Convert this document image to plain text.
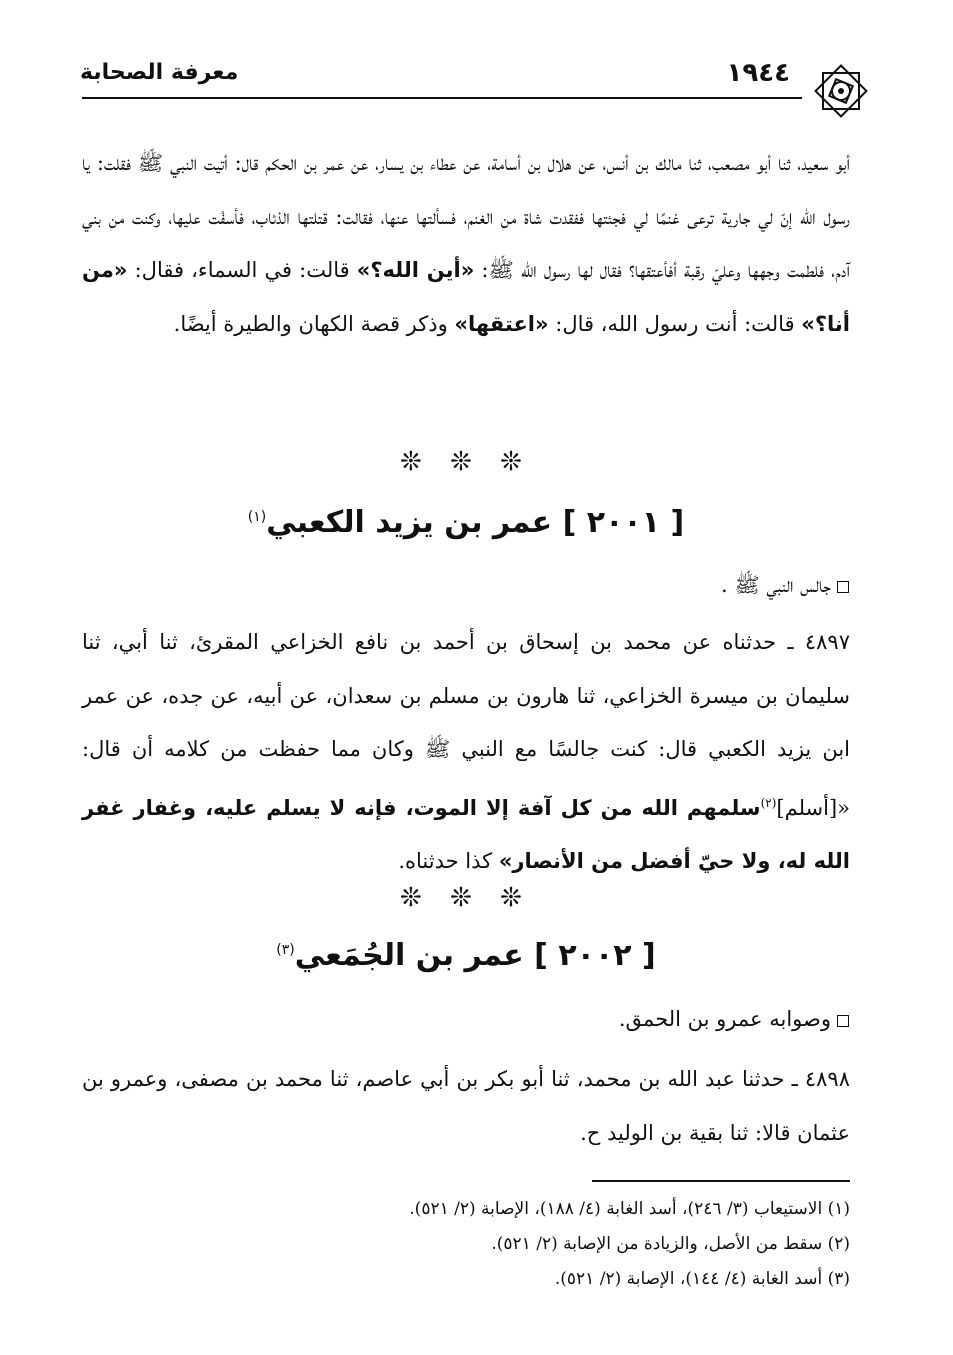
١٩٤٤
معرفة الصحابة
أبو سعيد، ثنا أبو مصعب، ثنا مالك بن أنس، عن هلال بن أسامة، عن عطاء بن يسار، عن عمر بن الحكم قال: أتيت النبي ﷺ فقلت: يا رسول الله إنّ لي جارية ترعى غنمًا لي فجئتها ففقدت شاة من الغنم، فسألتها عنها، فقالت: قتلتها الذئاب، فأسفْت عليها، وكنت من بني آدم، فلطمت وجهها وعليّ رقبة أفأعتقها؟ فقال لها رسول الله ﷺ: «أين الله؟» قالت: في السماء، فقال: «من أنا؟» قالت: أنت رسول الله، قال: «اعتقها» وذكر قصة الكهان والطيرة أيضًا.
❊ ❊ ❊
[ ٢٠٠١ ] عمر بن يزيد الكعبي$^{(١)}$
جالس النبي ﷺ .
٤٨٩٧ ـ حدثناه عن محمد بن إسحاق بن أحمد بن نافع الخزاعي المقرئ، ثنا أبي، ثنا سليمان بن ميسرة الخزاعي، ثنا هارون بن مسلم بن سعدان، عن أبيه، عن جده، عن عمر ابن يزيد الكعبي قال: كنت جالسًا مع النبي ﷺ وكان مما حفظت من كلامه أن قال: «[أسلم]$^{(٢)}$سلمهم الله من كل آفة إلا الموت، فإنه لا يسلم عليه، وغفار غفر الله له، ولا حيّ أفضل من الأنصار» كذا حدثناه.
❊ ❊ ❊
[ ٢٠٠٢ ] عمر بن الجُمَعي$^{(٣)}$
وصوابه عمرو بن الحمق.
٤٨٩٨ ـ حدثنا عبد الله بن محمد، ثنا أبو بكر بن أبي عاصم، ثنا محمد بن مصفى، وعمرو بن عثمان قالا: ثنا بقية بن الوليد ح.
(١) الاستيعاب (٣/ ٢٤٦)، أسد الغابة (٤/ ١٨٨)، الإصابة (٢/ ٥٢١).
(٢) سقط من الأصل، والزيادة من الإصابة (٢/ ٥٢١).
(٣) أسد الغابة (٤/ ١٤٤)، الإصابة (٢/ ٥٢١).
